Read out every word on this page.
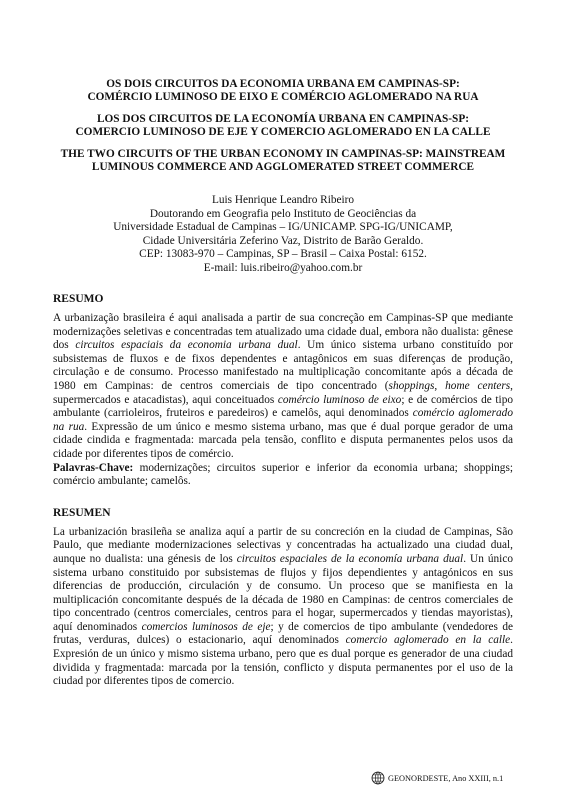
OS DOIS CIRCUITOS DA ECONOMIA URBANA EM CAMPINAS-SP:
COMÉRCIO LUMINOSO DE EIXO E COMÉRCIO AGLOMERADO NA RUA
LOS DOS CIRCUITOS DE LA ECONOMÍA URBANA EN CAMPINAS-SP:
COMERCIO LUMINOSO DE EJE Y COMERCIO AGLOMERADO EN LA CALLE
THE TWO CIRCUITS OF THE URBAN ECONOMY IN CAMPINAS-SP: MAINSTREAM
LUMINOUS COMMERCE AND AGGLOMERATED STREET COMMERCE
Luis Henrique Leandro Ribeiro
Doutorando em Geografia pelo Instituto de Geociências da
Universidade Estadual de Campinas – IG/UNICAMP. SPG-IG/UNICAMP,
Cidade Universitária Zeferino Vaz, Distrito de Barão Geraldo.
CEP: 13083-970 – Campinas, SP – Brasil – Caixa Postal: 6152.
E-mail: luis.ribeiro@yahoo.com.br
RESUMO

A urbanização brasileira é aqui analisada a partir de sua concreção em Campinas-SP que mediante modernizações seletivas e concentradas tem atualizado uma cidade dual, embora não dualista: gênese dos circuitos espaciais da economia urbana dual. Um único sistema urbano constituído por subsistemas de fluxos e de fixos dependentes e antagônicos em suas diferenças de produção, circulação e de consumo. Processo manifestado na multiplicação concomitante após a década de 1980 em Campinas: de centros comerciais de tipo concentrado (shoppings, home centers, supermercados e atacadistas), aqui conceituados comércio luminoso de eixo; e de comércios de tipo ambulante (carrioleiros, fruteiros e paredeiros) e camelôs, aqui denominados comércio aglomerado na rua. Expressão de um único e mesmo sistema urbano, mas que é dual porque gerador de uma cidade cindida e fragmentada: marcada pela tensão, conflito e disputa permanentes pelos usos da cidade por diferentes tipos de comércio.

Palavras-Chave: modernizações; circuitos superior e inferior da economia urbana; shoppings; comércio ambulante; camelôs.

RESUMEN

La urbanización brasileña se analiza aquí a partir de su concreción en la ciudad de Campinas, São Paulo, que mediante modernizaciones selectivas y concentradas ha actualizado una ciudad dual, aunque no dualista: una génesis de los circuitos espaciales de la economía urbana dual. Un único sistema urbano constituido por subsistemas de flujos y fijos dependientes y antagónicos en sus diferencias de producción, circulación y de consumo. Un proceso que se manifiesta en la multiplicación concomitante después de la década de 1980 en Campinas: de centros comerciales de tipo concentrado (centros comerciales, centros para el hogar, supermercados y tiendas mayoristas), aquí denominados comercios luminosos de eje; y de comercios de tipo ambulante (vendedores de frutas, verduras, dulces) o estacionario, aquí denominados comercio aglomerado en la calle. Expresión de un único y mismo sistema urbano, pero que es dual porque es generador de una ciudad dividida y fragmentada: marcada por la tensión, conflicto y disputa permanentes por el uso de la ciudad por diferentes tipos de comercio.

GEONORDESTE, Ano XXIII, n.1
